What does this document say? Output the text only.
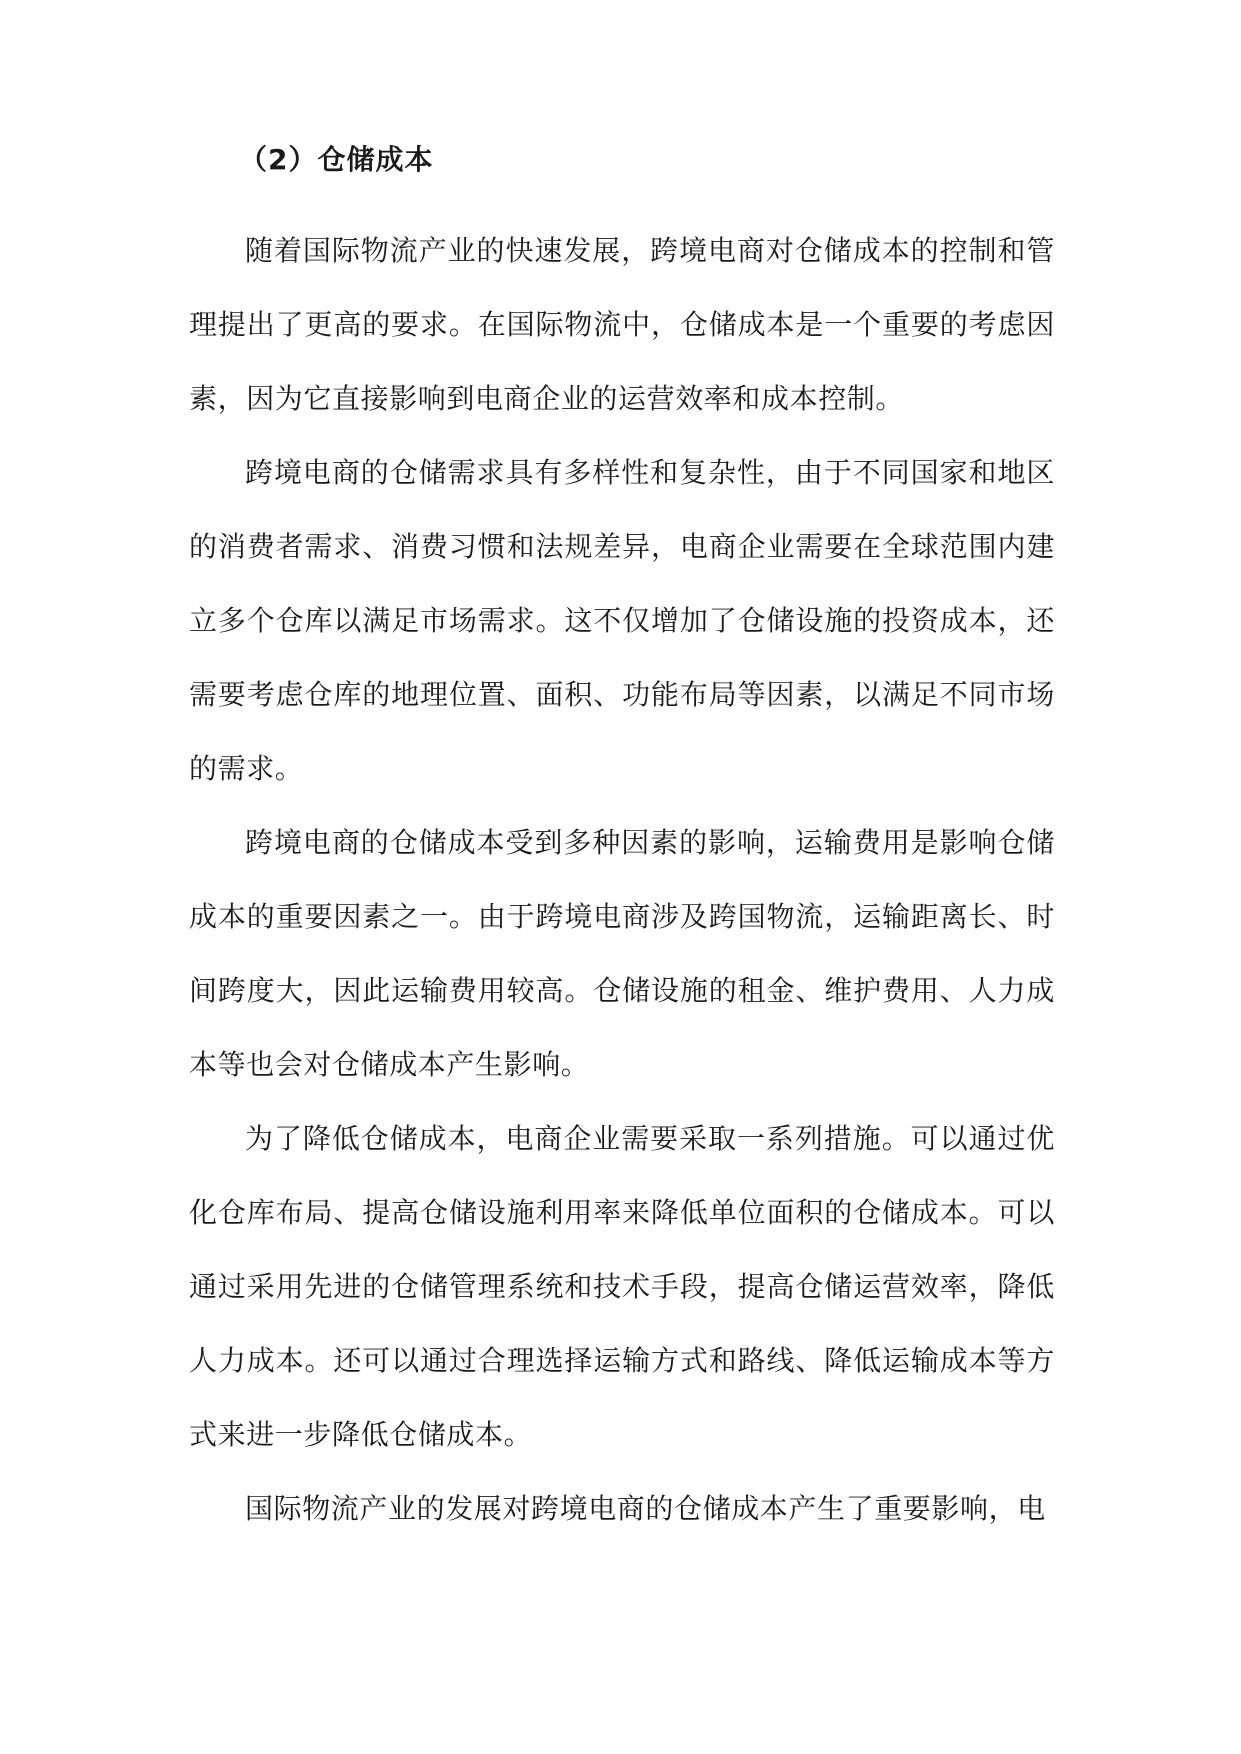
（2）仓储成本

随着国际物流产业的快速发展，跨境电商对仓储成本的控制和管理提出了更高的要求。在国际物流中，仓储成本是一个重要的考虑因素，因为它直接影响到电商企业的运营效率和成本控制。

跨境电商的仓储需求具有多样性和复杂性，由于不同国家和地区的消费者需求、消费习惯和法规差异，电商企业需要在全球范围内建立多个仓库以满足市场需求。这不仅增加了仓储设施的投资成本，还需要考虑仓库的地理位置、面积、功能布局等因素，以满足不同市场的需求。

跨境电商的仓储成本受到多种因素的影响，运输费用是影响仓储成本的重要因素之一。由于跨境电商涉及跨国物流，运输距离长、时间跨度大，因此运输费用较高。仓储设施的租金、维护费用、人力成本等也会对仓储成本产生影响。

为了降低仓储成本，电商企业需要采取一系列措施。可以通过优化仓库布局、提高仓储设施利用率来降低单位面积的仓储成本。可以通过采用先进的仓储管理系统和技术手段，提高仓储运营效率，降低人力成本。还可以通过合理选择运输方式和路线、降低运输成本等方式来进一步降低仓储成本。

国际物流产业的发展对跨境电商的仓储成本产生了重要影响，电
